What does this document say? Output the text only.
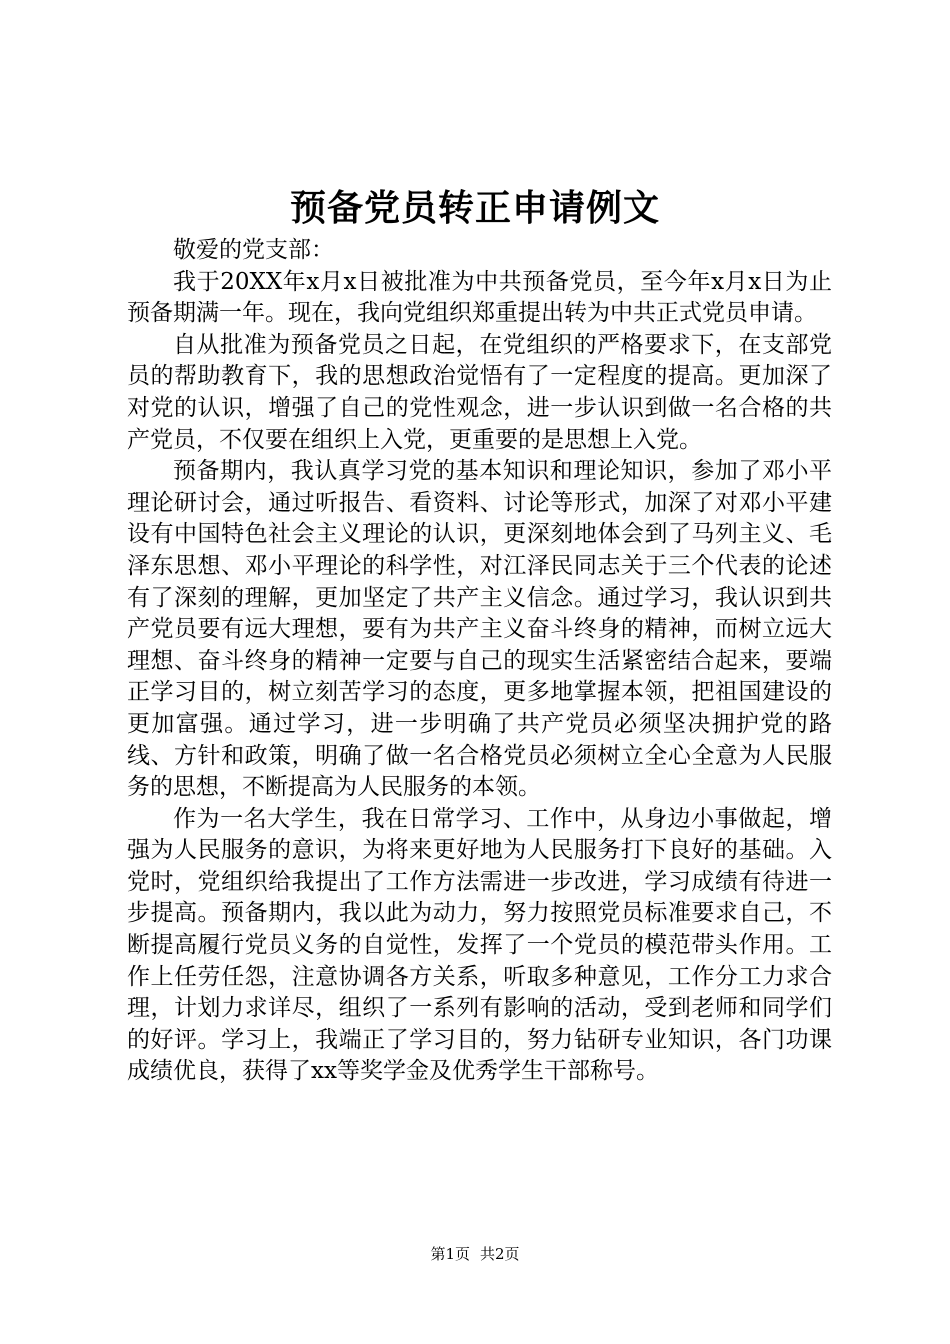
预备党员转正申请例文

敬爱的党支部：

我于20XX年x月x日被批准为中共预备党员，至今年x月x日为止预备期满一年。现在，我向党组织郑重提出转为中共正式党员申请。

自从批准为预备党员之日起，在党组织的严格要求下，在支部党员的帮助教育下，我的思想政治觉悟有了一定程度的提高。更加深了对党的认识，增强了自己的党性观念，进一步认识到做一名合格的共产党员，不仅要在组织上入党，更重要的是思想上入党。

预备期内，我认真学习党的基本知识和理论知识，参加了邓小平理论研讨会，通过听报告、看资料、讨论等形式，加深了对邓小平建设有中国特色社会主义理论的认识，更深刻地体会到了马列主义、毛泽东思想、邓小平理论的科学性，对江泽民同志关于三个代表的论述有了深刻的理解，更加坚定了共产主义信念。通过学习，我认识到共产党员要有远大理想，要有为共产主义奋斗终身的精神，而树立远大理想、奋斗终身的精神一定要与自己的现实生活紧密结合起来，要端正学习目的，树立刻苦学习的态度，更多地掌握本领，把祖国建设的更加富强。通过学习，进一步明确了共产党员必须坚决拥护党的路线、方针和政策，明确了做一名合格党员必须树立全心全意为人民服务的思想，不断提高为人民服务的本领。

作为一名大学生，我在日常学习、工作中，从身边小事做起，增强为人民服务的意识，为将来更好地为人民服务打下良好的基础。入党时，党组织给我提出了工作方法需进一步改进，学习成绩有待进一步提高。预备期内，我以此为动力，努力按照党员标准要求自己，不断提高履行党员义务的自觉性，发挥了一个党员的模范带头作用。工作上任劳任怨，注意协调各方关系，听取多种意见，工作分工力求合理，计划力求详尽，组织了一系列有影响的活动，受到老师和同学们的好评。学习上，我端正了学习目的，努力钻研专业知识，各门功课成绩优良，获得了xx等奖学金及优秀学生干部称号。

第1页 共2页
